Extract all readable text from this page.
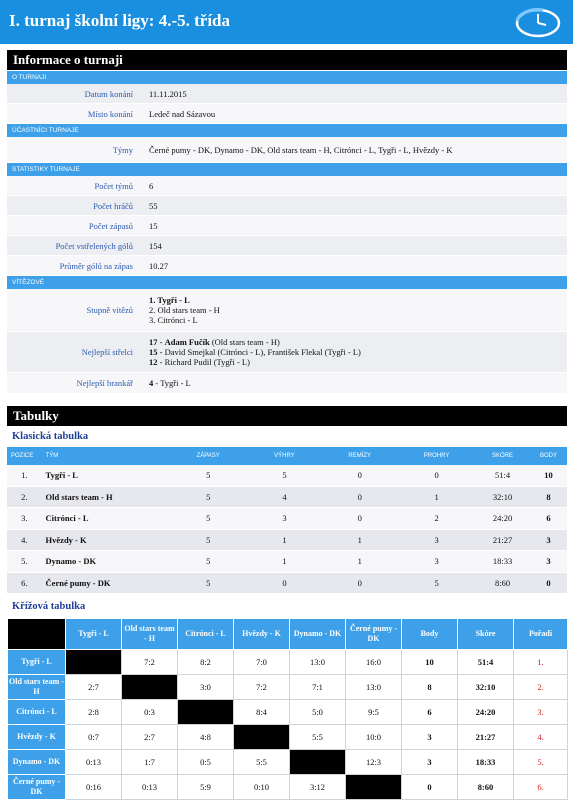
I. turnaj školní ligy: 4.-5. třída
Informace o turnaji
O TURNAJI	
Datum konání	11.11.2015
Místo konání	Ledeč nad Sázavou
ÚČASTNÍCI TURNAJE	
Týmy	Černé pumy - DK, Dynamo - DK, Old stars team - H, Citrónci - L, Tygři - L, Hvězdy - K
STATISTIKY TURNAJE	
Počet týmů	6
Počet hráčů	55
Počet zápasů	15
Počet vstřelených gólů	154
Průměr gólů na zápas	10.27
VÍTĚZOVÉ	
Stupně vítězů	1. Tygři - L
2. Old stars team - H
3. Citrónci - L

Nejlepší střelci	17 - Adam Fučík (Old stars team - H)
15 - David Smejkal (Citrónci - L), František Flekal (Tygři - L)
12 - Richard Pudil (Tygři - L)

Nejlepší brankář	4 - Tygři - L
Tabulky
Klasická tabulka
POZICE	TÝM	ZÁPASY	VÝHRY	REMÍZY	PROHRY	SKÓRE	BODY
1.	Tygři - L	5	5	0	0	51:4	10
2.	Old stars team - H	5	4	0	1	32:10	8
3.	Citrónci - L	5	3	0	2	24:20	6
4.	Hvězdy - K	5	1	1	3	21:27	3
5.	Dynamo - DK	5	1	1	3	18:33	3
6.	Černé pumy - DK	5	0	0	5	8:60	0
Křížová tabulka
	Tygři - L	Old stars team - H	Citrónci - L	Hvězdy - K	Dynamo - DK	Černé pumy - DK	Body	Skóre	Pořadí
Tygři - L		7:2	8:2	7:0	13:0	16:0	10	51:4	1.
Old stars team - H	2:7		3:0	7:2	7:1	13:0	8	32:10	2.
Citrónci - L	2:8	0:3		8:4	5:0	9:5	6	24:20	3.
Hvězdy - K	0:7	2:7	4:8		5:5	10:0	3	21:27	4.
Dynamo - DK	0:13	1:7	0:5	5:5		12:3	3	18:33	5.
Černé pumy - DK	0:16	0:13	5:9	0:10	3:12		0	8:60	6.
